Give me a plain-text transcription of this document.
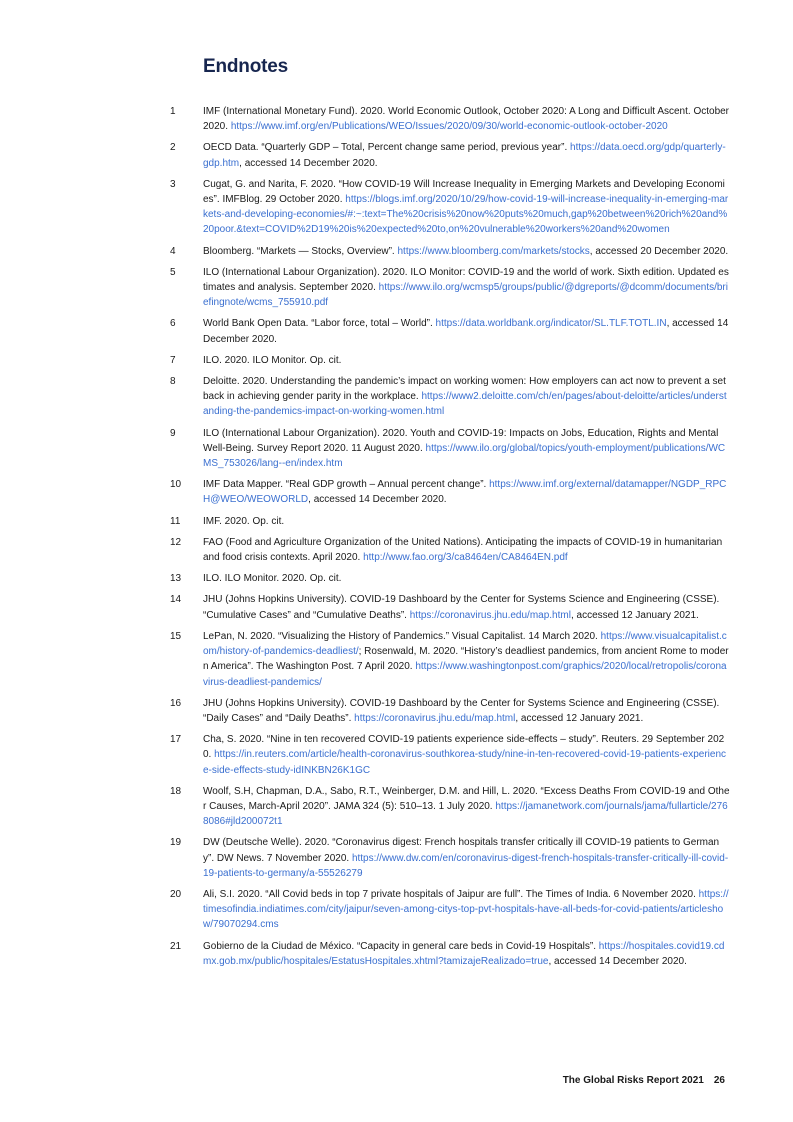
Endnotes
1	IMF (International Monetary Fund). 2020. World Economic Outlook, October 2020: A Long and Difficult Ascent. October 2020. https://www.imf.org/en/Publications/WEO/Issues/2020/09/30/world-economic-outlook-october-2020
2	OECD Data. “Quarterly GDP – Total, Percent change same period, previous year”. https://data.oecd.org/gdp/quarterly-gdp.htm, accessed 14 December 2020.
3	Cugat, G. and Narita, F. 2020. “How COVID-19 Will Increase Inequality in Emerging Markets and Developing Economies”. IMFBlog. 29 October 2020. https://blogs.imf.org/2020/10/29/how-covid-19-will-increase-inequality-in-emerging-markets-and-developing-economies/#:~:text=The%20crisis%20now%20puts%20much,gap%20between%20rich%20and%20poor.&text=COVID%2D19%20is%20expected%20to,on%20vulnerable%20workers%20and%20women
4	Bloomberg. “Markets — Stocks, Overview”. https://www.bloomberg.com/markets/stocks, accessed 20 December 2020.
5	ILO (International Labour Organization). 2020. ILO Monitor: COVID-19 and the world of work. Sixth edition. Updated estimates and analysis. September 2020. https://www.ilo.org/wcmsp5/groups/public/@dgreports/@dcomm/documents/briefingnote/wcms_755910.pdf
6	World Bank Open Data. “Labor force, total – World”. https://data.worldbank.org/indicator/SL.TLF.TOTL.IN, accessed 14 December 2020.
7	ILO. 2020. ILO Monitor. Op. cit.
8	Deloitte. 2020. Understanding the pandemic’s impact on working women: How employers can act now to prevent a setback in achieving gender parity in the workplace. https://www2.deloitte.com/ch/en/pages/about-deloitte/articles/understanding-the-pandemics-impact-on-working-women.html
9	ILO (International Labour Organization). 2020. Youth and COVID-19: Impacts on Jobs, Education, Rights and Mental Well-Being. Survey Report 2020. 11 August 2020. https://www.ilo.org/global/topics/youth-employment/publications/WCMS_753026/lang--en/index.htm
10	IMF Data Mapper. “Real GDP growth – Annual percent change”. https://www.imf.org/external/datamapper/NGDP_RPCH@WEO/WEOWORLD, accessed 14 December 2020.
11	IMF. 2020. Op. cit.
12	FAO (Food and Agriculture Organization of the United Nations). Anticipating the impacts of COVID-19 in humanitarian and food crisis contexts. April 2020. http://www.fao.org/3/ca8464en/CA8464EN.pdf
13	ILO. ILO Monitor. 2020. Op. cit.
14	JHU (Johns Hopkins University). COVID-19 Dashboard by the Center for Systems Science and Engineering (CSSE). “Cumulative Cases” and “Cumulative Deaths”. https://coronavirus.jhu.edu/map.html, accessed 12 January 2021.
15	LePan, N. 2020. “Visualizing the History of Pandemics.” Visual Capitalist. 14 March 2020. https://www.visualcapitalist.com/history-of-pandemics-deadliest/; Rosenwald, M. 2020. “History’s deadliest pandemics, from ancient Rome to modern America”. The Washington Post. 7 April 2020. https://www.washingtonpost.com/graphics/2020/local/retropolis/coronavirus-deadliest-pandemics/
16	JHU (Johns Hopkins University). COVID-19 Dashboard by the Center for Systems Science and Engineering (CSSE). “Daily Cases” and “Daily Deaths”. https://coronavirus.jhu.edu/map.html, accessed 12 January 2021.
17	Cha, S. 2020. “Nine in ten recovered COVID-19 patients experience side-effects – study”. Reuters. 29 September 2020. https://in.reuters.com/article/health-coronavirus-southkorea-study/nine-in-ten-recovered-covid-19-patients-experience-side-effects-study-idINKBN26K1GC
18	Woolf, S.H, Chapman, D.A., Sabo, R.T., Weinberger, D.M. and Hill, L. 2020. “Excess Deaths From COVID-19 and Other Causes, March-April 2020”. JAMA 324 (5): 510–13. 1 July 2020. https://jamanetwork.com/journals/jama/fullarticle/2768086#jld200072t1
19	DW (Deutsche Welle). 2020. “Coronavirus digest: French hospitals transfer critically ill COVID-19 patients to Germany”. DW News. 7 November 2020. https://www.dw.com/en/coronavirus-digest-french-hospitals-transfer-critically-ill-covid-19-patients-to-germany/a-55526279
20	Ali, S.I. 2020. “All Covid beds in top 7 private hospitals of Jaipur are full”. The Times of India. 6 November 2020. https://timesofindia.indiatimes.com/city/jaipur/seven-among-citys-top-pvt-hospitals-have-all-beds-for-covid-patients/articleshow/79070294.cms
21	Gobierno de la Ciudad de México. “Capacity in general care beds in Covid-19 Hospitals”. https://hospitales.covid19.cdmx.gob.mx/public/hospitales/EstatusHospitales.xhtml?tamizajeRealizado=true, accessed 14 December 2020.
The Global Risks Report 2021 26
